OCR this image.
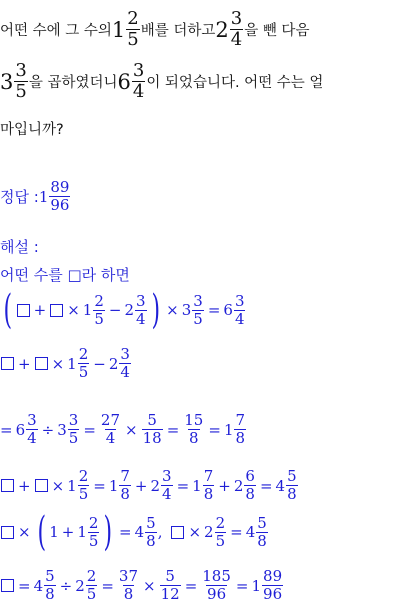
어떤 수에 그 수의 $1 \frac{2}{5}$ 배를 더하고 $2 \frac{3}{4}$ 을 뺀 다음
$3 \frac{3}{5}$ 을 곱하였더니 $6 \frac{3}{4}$ 이 되었습니다. 어떤 수는 얼
마입니까?
정답 : $1 \frac{89}{96}$
해설 :
어떤 수를 □라 하면
( + × $1 \frac{2}{5} - 2 \frac{3}{4}$ ) × $3 \frac{3}{5} = 6 \frac{3}{4}$
+ × $1 \frac{2}{5} - 2 \frac{3}{4}$
= $6 \frac{3}{4} \div 3 \frac{3}{5} = \frac{27}{4} \times \frac{5}{18} = \frac{15}{8} = 1 \frac{7}{8}$
+ × $1 \frac{2}{5} = 1 \frac{7}{8} + 2 \frac{3}{4} = 1 \frac{7}{8} + 2 \frac{6}{8} = 4 \frac{5}{8}$
× ( $1 + 1 \frac{2}{5}$ ) = $4 \frac{5}{8}$ , × $2 \frac{2}{5} = 4 \frac{5}{8}$
= $4 \frac{5}{8} \div 2 \frac{2}{5} = \frac{37}{8} \times \frac{5}{12} = \frac{185}{96} = 1 \frac{89}{96}$
